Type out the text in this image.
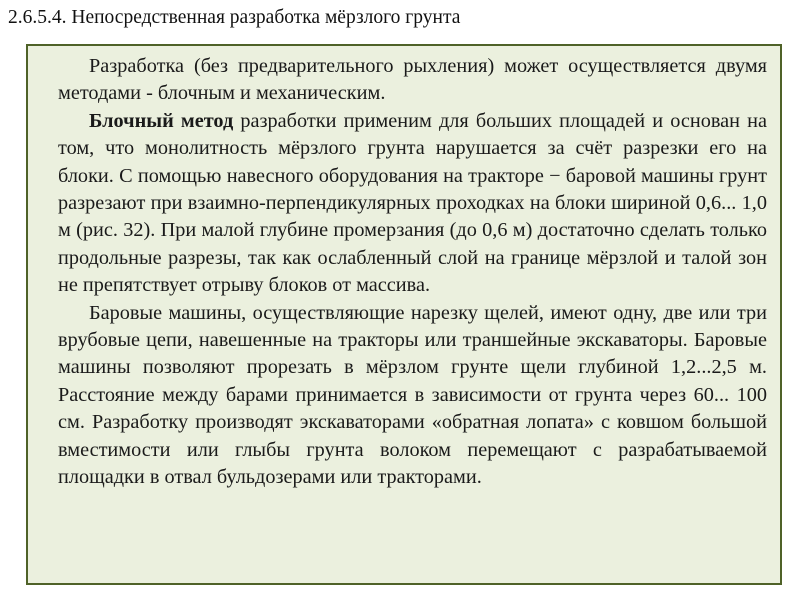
2.6.5.4. Непосредственная разработка мёрзлого грунта

Разработка (без предварительного рыхления) может осуществляется двумя методами - блочным и механическим.

Блочный метод разработки применим для больших площадей и основан на том, что монолитность мёрзлого грунта нарушается за счёт разрезки его на блоки. С помощью навесного оборудования на тракторе − баровой машины грунт разрезают при взаимно-перпендикулярных проходках на блоки шириной 0,6... 1,0 м (рис. 32). При малой глубине промерзания (до 0,6 м) достаточно сделать только продольные разрезы, так как ослабленный слой на границе мёрзлой и талой зон не препятствует отрыву блоков от массива.

Баровые машины, осуществляющие нарезку щелей, имеют одну, две или три врубовые цепи, навешенные на тракторы или траншейные экскаваторы. Баровые машины позволяют прорезать в мёрзлом грунте щели глубиной 1,2...2,5 м. Расстояние между барами принимается в зависимости от грунта через 60... 100 см. Разработку производят экскаваторами «обратная лопата» с ковшом большой вместимости или глыбы грунта волоком перемещают с разрабатываемой площадки в отвал бульдозерами или тракторами.
